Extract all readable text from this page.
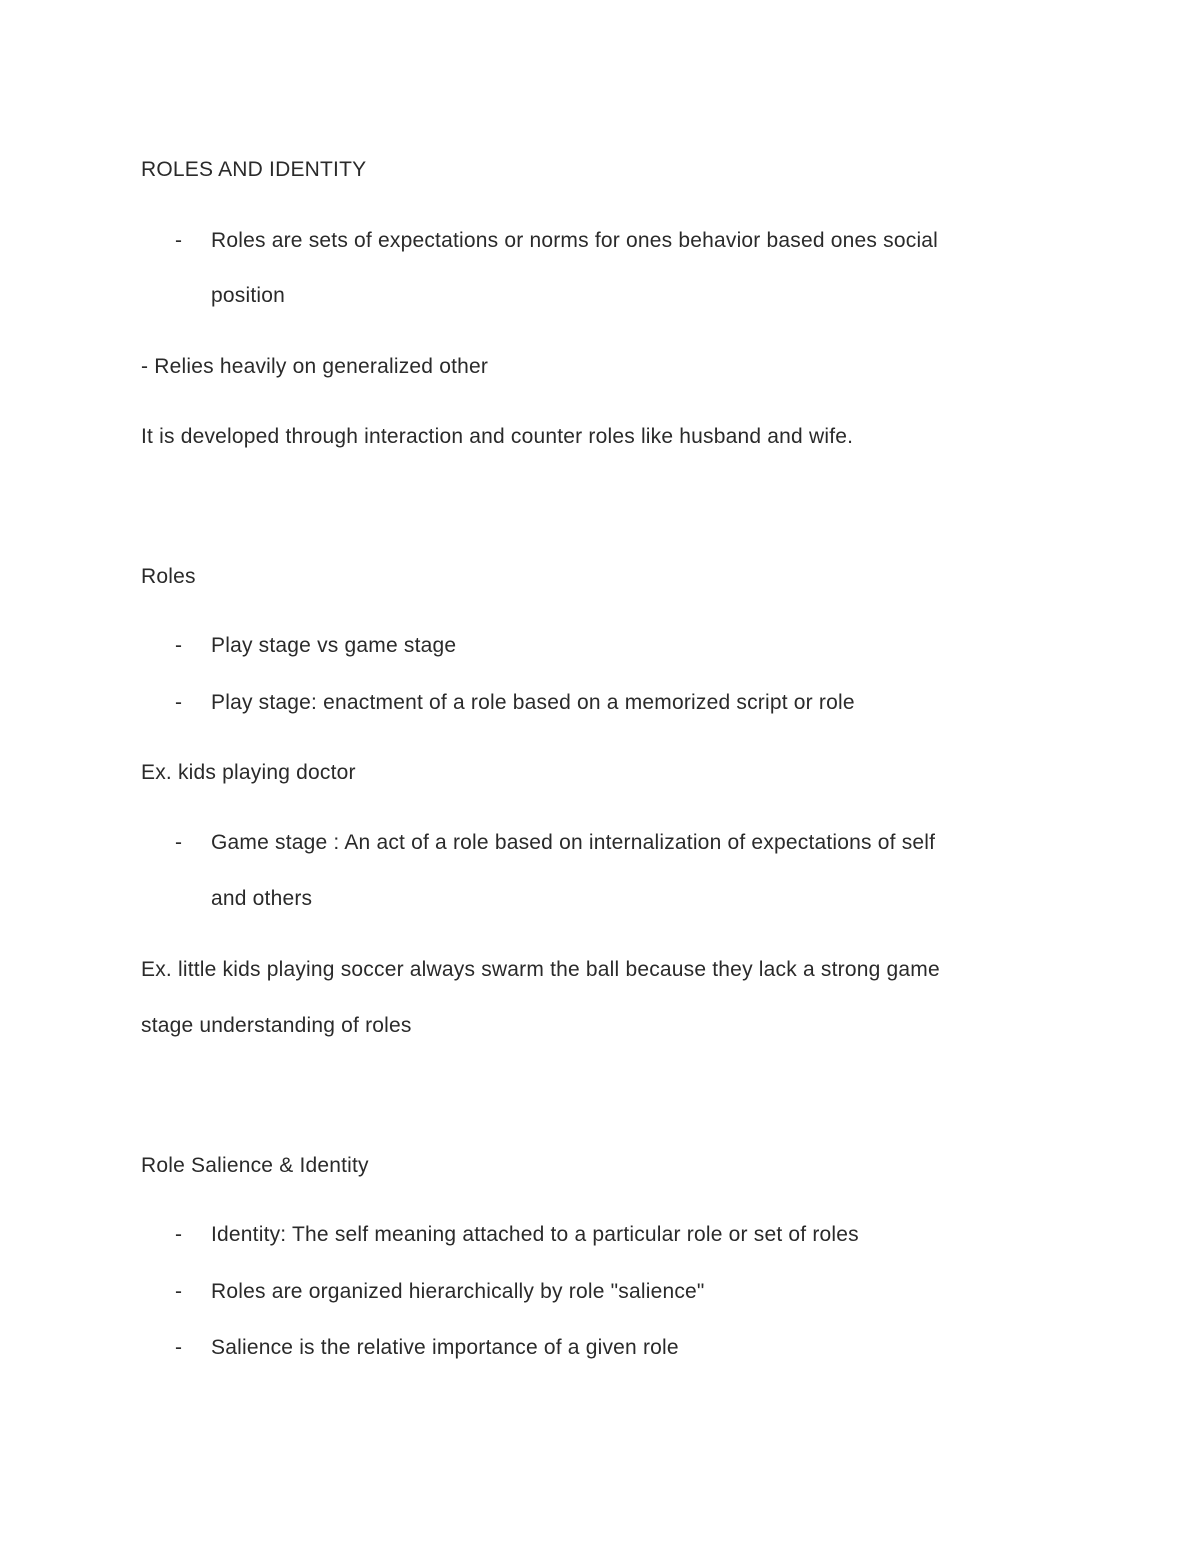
ROLES AND IDENTITY
- Roles are sets of expectations or norms for ones behavior based ones social
position
- Relies heavily on generalized other
It is developed through interaction and counter roles like husband and wife.
Roles
- Play stage vs game stage
- Play stage: enactment of a role based on a memorized script or role
Ex. kids playing doctor
- Game stage : An act of a role based on internalization of expectations of self
and others
Ex. little kids playing soccer always swarm the ball because they lack a strong game
stage understanding of roles
Role Salience & Identity
- Identity: The self meaning attached to a particular role or set of roles
- Roles are organized hierarchically by role "salience"
- Salience is the relative importance of a given role
